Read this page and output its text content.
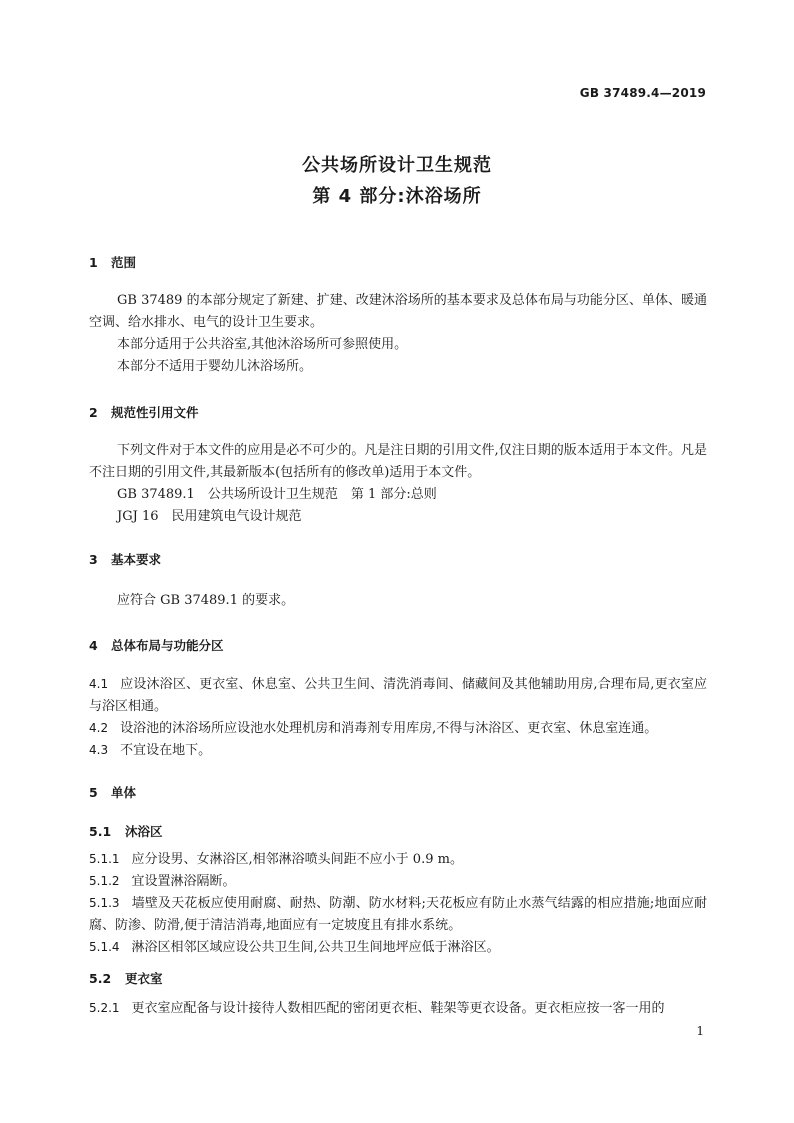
GB 37489.4—2019
公共场所设计卫生规范
第 4 部分:沐浴场所
1 范围
GB 37489 的本部分规定了新建、扩建、改建沐浴场所的基本要求及总体布局与功能分区、单体、暖通空调、给水排水、电气的设计卫生要求。
本部分适用于公共浴室,其他沐浴场所可参照使用。
本部分不适用于婴幼儿沐浴场所。
2 规范性引用文件
下列文件对于本文件的应用是必不可少的。凡是注日期的引用文件,仅注日期的版本适用于本文件。凡是不注日期的引用文件,其最新版本(包括所有的修改单)适用于本文件。
GB 37489.1　公共场所设计卫生规范　第 1 部分:总则
JGJ 16　民用建筑电气设计规范
3 基本要求
应符合 GB 37489.1 的要求。
4 总体布局与功能分区
4.1 应设沐浴区、更衣室、休息室、公共卫生间、清洗消毒间、储藏间及其他辅助用房,合理布局,更衣室应与浴区相通。
4.2 设浴池的沐浴场所应设池水处理机房和消毒剂专用库房,不得与沐浴区、更衣室、休息室连通。
4.3 不宜设在地下。
5 单体
5.1 沐浴区
5.1.1 应分设男、女淋浴区,相邻淋浴喷头间距不应小于 0.9 m。
5.1.2 宜设置淋浴隔断。
5.1.3 墙壁及天花板应使用耐腐、耐热、防潮、防水材料;天花板应有防止水蒸气结露的相应措施;地面应耐腐、防渗、防滑,便于清洁消毒,地面应有一定坡度且有排水系统。
5.1.4 淋浴区相邻区域应设公共卫生间,公共卫生间地坪应低于淋浴区。
5.2 更衣室
5.2.1 更衣室应配备与设计接待人数相匹配的密闭更衣柜、鞋架等更衣设备。更衣柜应按一客一用的
1
